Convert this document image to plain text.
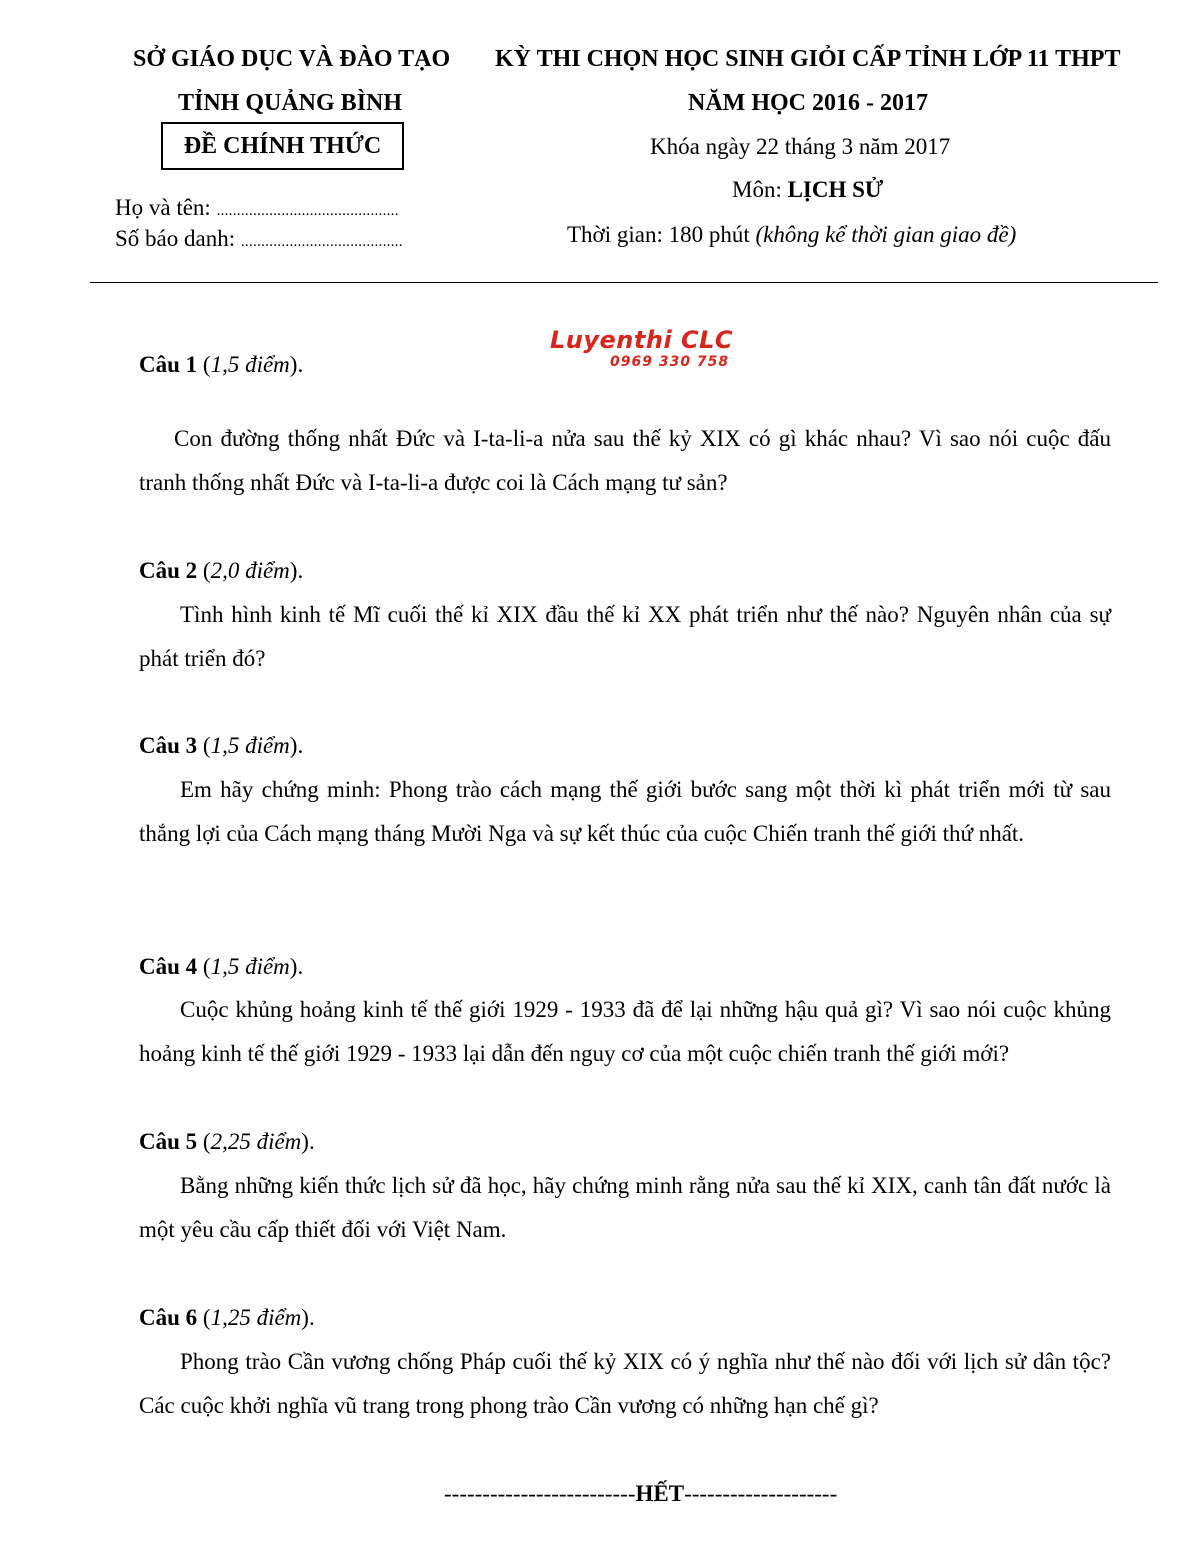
SỞ GIÁO DỤC VÀ ĐÀO TẠO
TỈNH QUẢNG BÌNH
ĐỀ CHÍNH THỨC
Họ và tên: .............................................
Số báo danh: ........................................
KỲ THI CHỌN HỌC SINH GIỎI CẤP TỈNH LỚP 11 THPT
NĂM HỌC 2016 - 2017
Khóa ngày 22 tháng 3 năm 2017
Môn: LỊCH SỬ
Thời gian: 180 phút (không kể thời gian giao đề)
Luyenthi CLC
0969 330 758
Câu 1 (1,5 điểm).

Con đường thống nhất Đức và I-ta-li-a nửa sau thế kỷ XIX có gì khác nhau? Vì sao nói cuộc đấu tranh thống nhất Đức và I-ta-li-a được coi là Cách mạng tư sản?

Câu 2 (2,0 điểm).

Tình hình kinh tế Mĩ cuối thế kỉ XIX đầu thế kỉ XX phát triển như thế nào? Nguyên nhân của sự phát triển đó?

Câu 3 (1,5 điểm).

Em hãy chứng minh: Phong trào cách mạng thế giới bước sang một thời kì phát triển mới từ sau thắng lợi của Cách mạng tháng Mười Nga và sự kết thúc của cuộc Chiến tranh thế giới thứ nhất.

Câu 4 (1,5 điểm).

Cuộc khủng hoảng kinh tế thế giới 1929 - 1933 đã để lại những hậu quả gì? Vì sao nói cuộc khủng hoảng kinh tế thế giới 1929 - 1933 lại dẫn đến nguy cơ của một cuộc chiến tranh thế giới mới?

Câu 5 (2,25 điểm).

Bằng những kiến thức lịch sử đã học, hãy chứng minh rằng nửa sau thế kỉ XIX, canh tân đất nước là một yêu cầu cấp thiết đối với Việt Nam.

Câu 6 (1,25 điểm).

Phong trào Cần vương chống Pháp cuối thế kỷ XIX có ý nghĩa như thế nào đối với lịch sử dân tộc? Các cuộc khởi nghĩa vũ trang trong phong trào Cần vương có những hạn chế gì?

-------------------------HẾT--------------------
